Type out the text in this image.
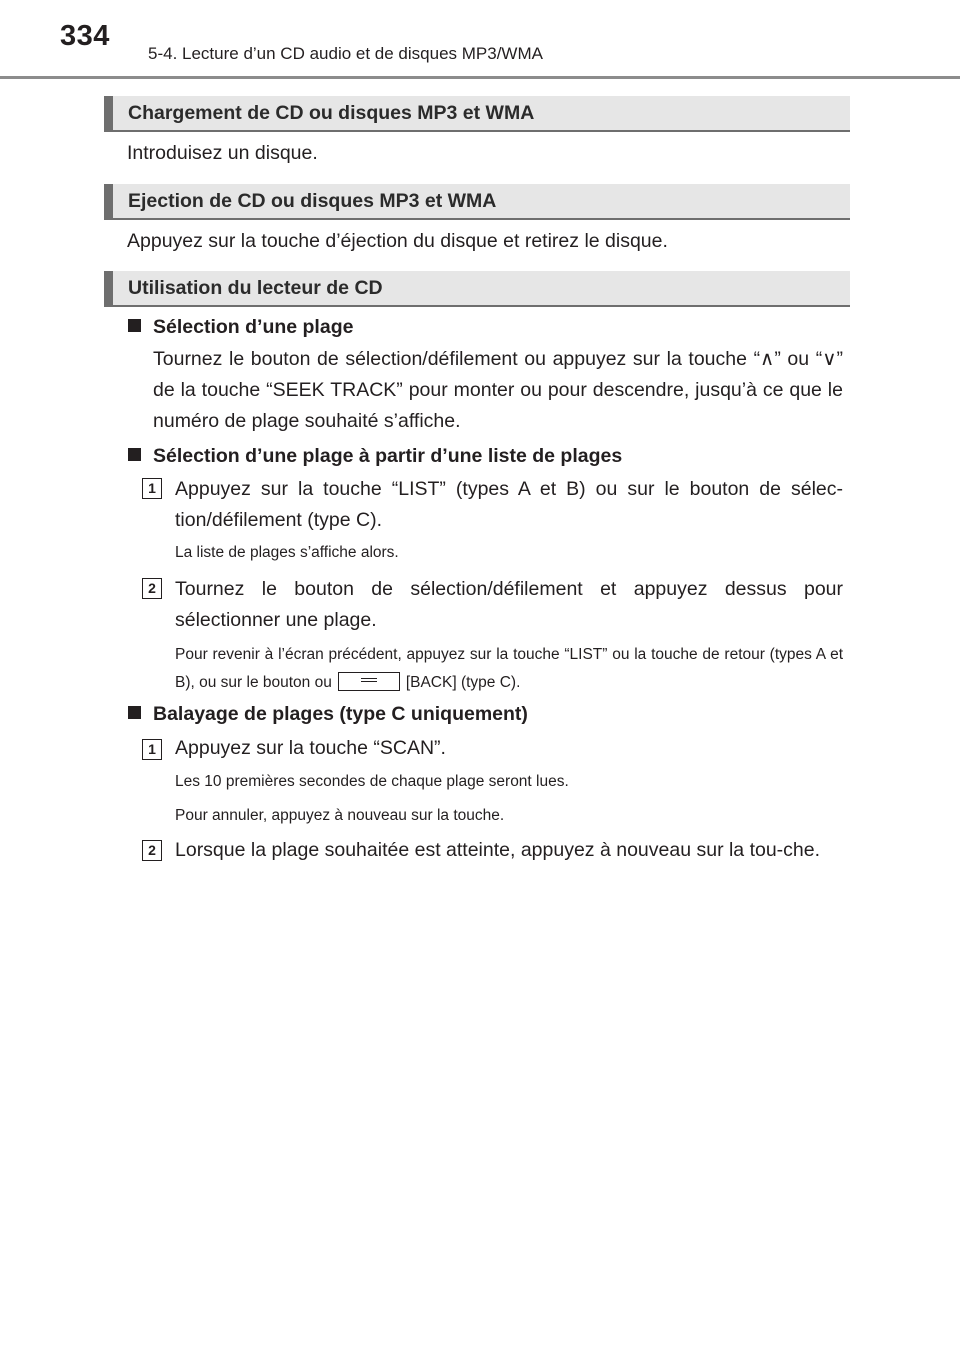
334
5-4. Lecture d’un CD audio et de disques MP3/WMA
Chargement de CD ou disques MP3 et WMA
Introduisez un disque.
Ejection de CD ou disques MP3 et WMA
Appuyez sur la touche d’éjection du disque et retirez le disque.
Utilisation du lecteur de CD
Sélection d’une plage
Tournez le bouton de sélection/défilement ou appuyez sur la touche “∧” ou “∨” de la touche “SEEK TRACK” pour monter ou pour descendre, jusqu’à ce que le numéro de plage souhaité s’affiche.
Sélection d’une plage à partir d’une liste de plages
1 Appuyez sur la touche “LIST” (types A et B) ou sur le bouton de sélec-tion/défilement (type C).
La liste de plages s’affiche alors.
2 Tournez le bouton de sélection/défilement et appuyez dessus pour sélectionner une plage.
Pour revenir à l’écran précédent, appuyez sur la touche “LIST” ou la touche de retour (types A et B), ou sur le bouton ou	[BACK] (type C).
Balayage de plages (type C uniquement)
1 Appuyez sur la touche “SCAN”.
Les 10 premières secondes de chaque plage seront lues.
Pour annuler, appuyez à nouveau sur la touche.
2 Lorsque la plage souhaitée est atteinte, appuyez à nouveau sur la tou-che.
